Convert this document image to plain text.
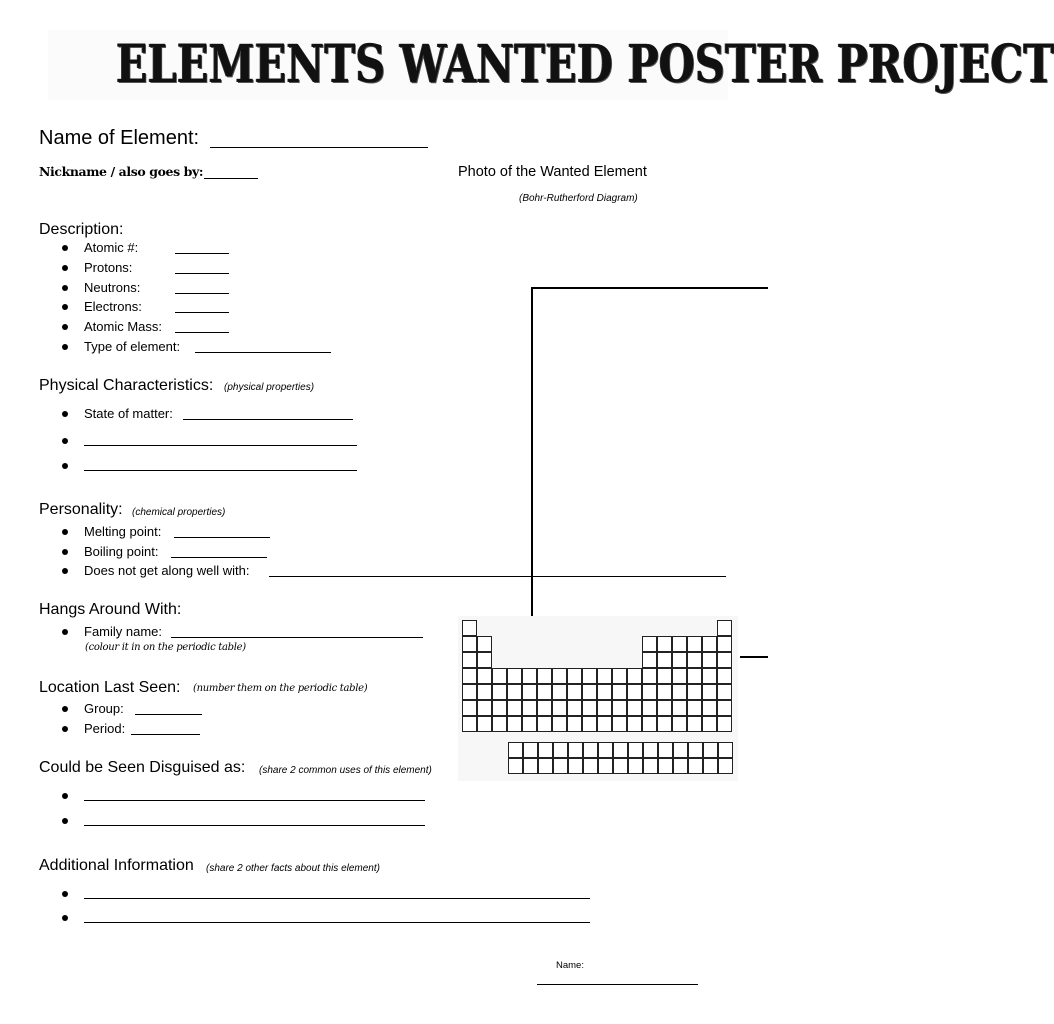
ELEMENTS WANTED POSTER PROJECT
Name of Element:
Nickname / also goes by:	Photo of the Wanted Element
(Bohr-Rutherford Diagram)
Description:
Atomic #:
Protons:
Neutrons:
Electrons:
Atomic Mass:
Type of element:
Physical Characteristics: (physical properties)
State of matter:
Personality: (chemical properties)
Melting point:
Boiling point:
Does not get along well with:
Hangs Around With:
Family name:
(colour it in on the periodic table)
Location Last Seen: (number them on the periodic table)
Group:
Period:
Could be Seen Disguised as: (share 2 common uses of this element)
Additional Information (share 2 other facts about this element)
Name:
